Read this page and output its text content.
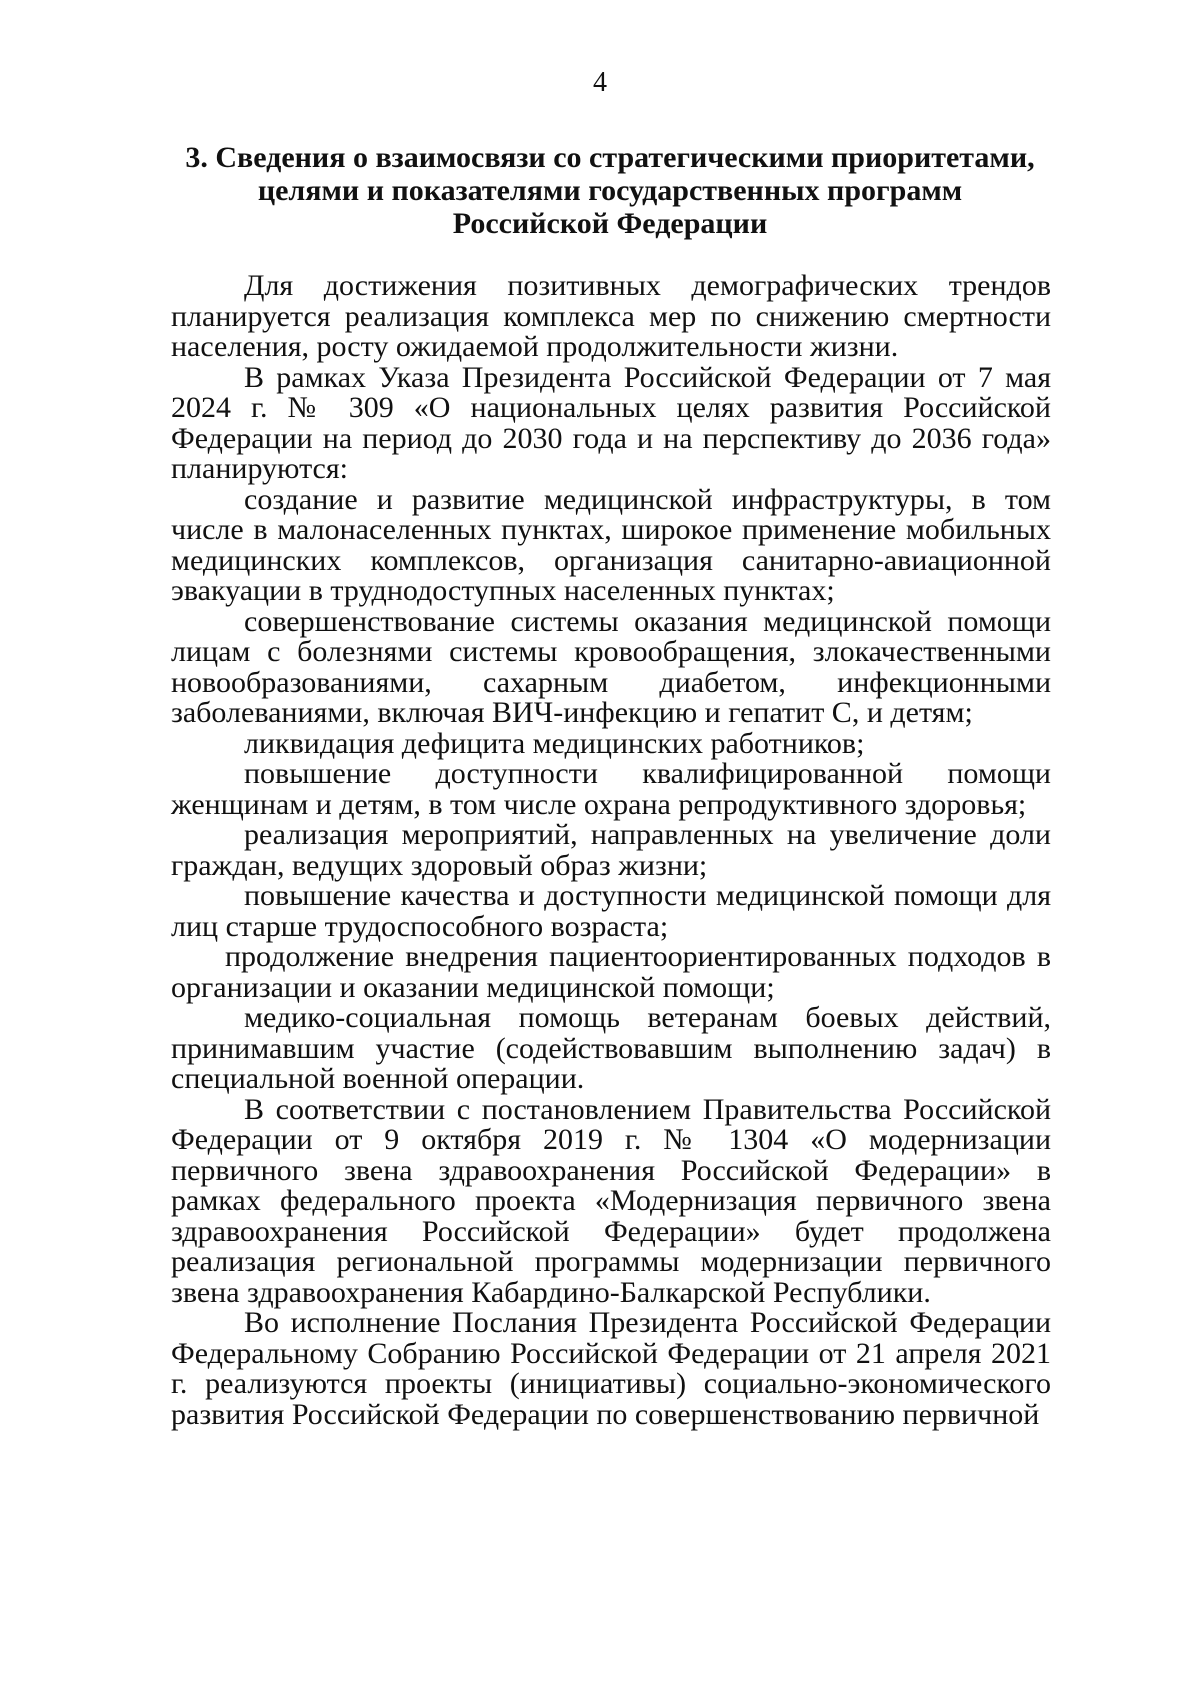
4
3. Сведения о взаимосвязи со стратегическими приоритетами,
целями и показателями государственных программ
Российской Федерации

Для достижения позитивных демографических трендов планируется реализация комплекса мер по снижению смертности населения, росту ожидаемой продолжительности жизни.

В рамках Указа Президента Российской Федерации от 7 мая 2024 г. № 309 «О национальных целях развития Российской Федерации на период до 2030 года и на перспективу до 2036 года» планируются:

создание и развитие медицинской инфраструктуры, в том числе в малонаселенных пунктах, широкое применение мобильных медицинских комплексов, организация санитарно-авиационной эвакуации в труднодоступных населенных пунктах;

совершенствование системы оказания медицинской помощи лицам с болезнями системы кровообращения, злокачественными новообразованиями, сахарным диабетом, инфекционными заболеваниями, включая ВИЧ-инфекцию и гепатит С, и детям;

ликвидация дефицита медицинских работников;

повышение доступности квалифицированной помощи женщинам и детям, в том числе охрана репродуктивного здоровья;

реализация мероприятий, направленных на увеличение доли граждан, ведущих здоровый образ жизни;

повышение качества и доступности медицинской помощи для лиц старше трудоспособного возраста;

продолжение внедрения пациентоориентированных подходов в организации и оказании медицинской помощи;

медико-социальная помощь ветеранам боевых действий, принимавшим участие (содействовавшим выполнению задач) в специальной военной операции.

В соответствии с постановлением Правительства Российской Федерации от 9 октября 2019 г. № 1304 «О модернизации первичного звена здравоохранения Российской Федерации» в рамках федерального проекта «Модернизация первичного звена здравоохранения Российской Федерации» будет продолжена реализация региональной программы модернизации первичного звена здравоохранения Кабардино-Балкарской Республики.

Во исполнение Послания Президента Российской Федерации Федеральному Собранию Российской Федерации от 21 апреля 2021 г. реализуются проекты (инициативы) социально-экономического развития Российской Федерации по совершенствованию первичной
